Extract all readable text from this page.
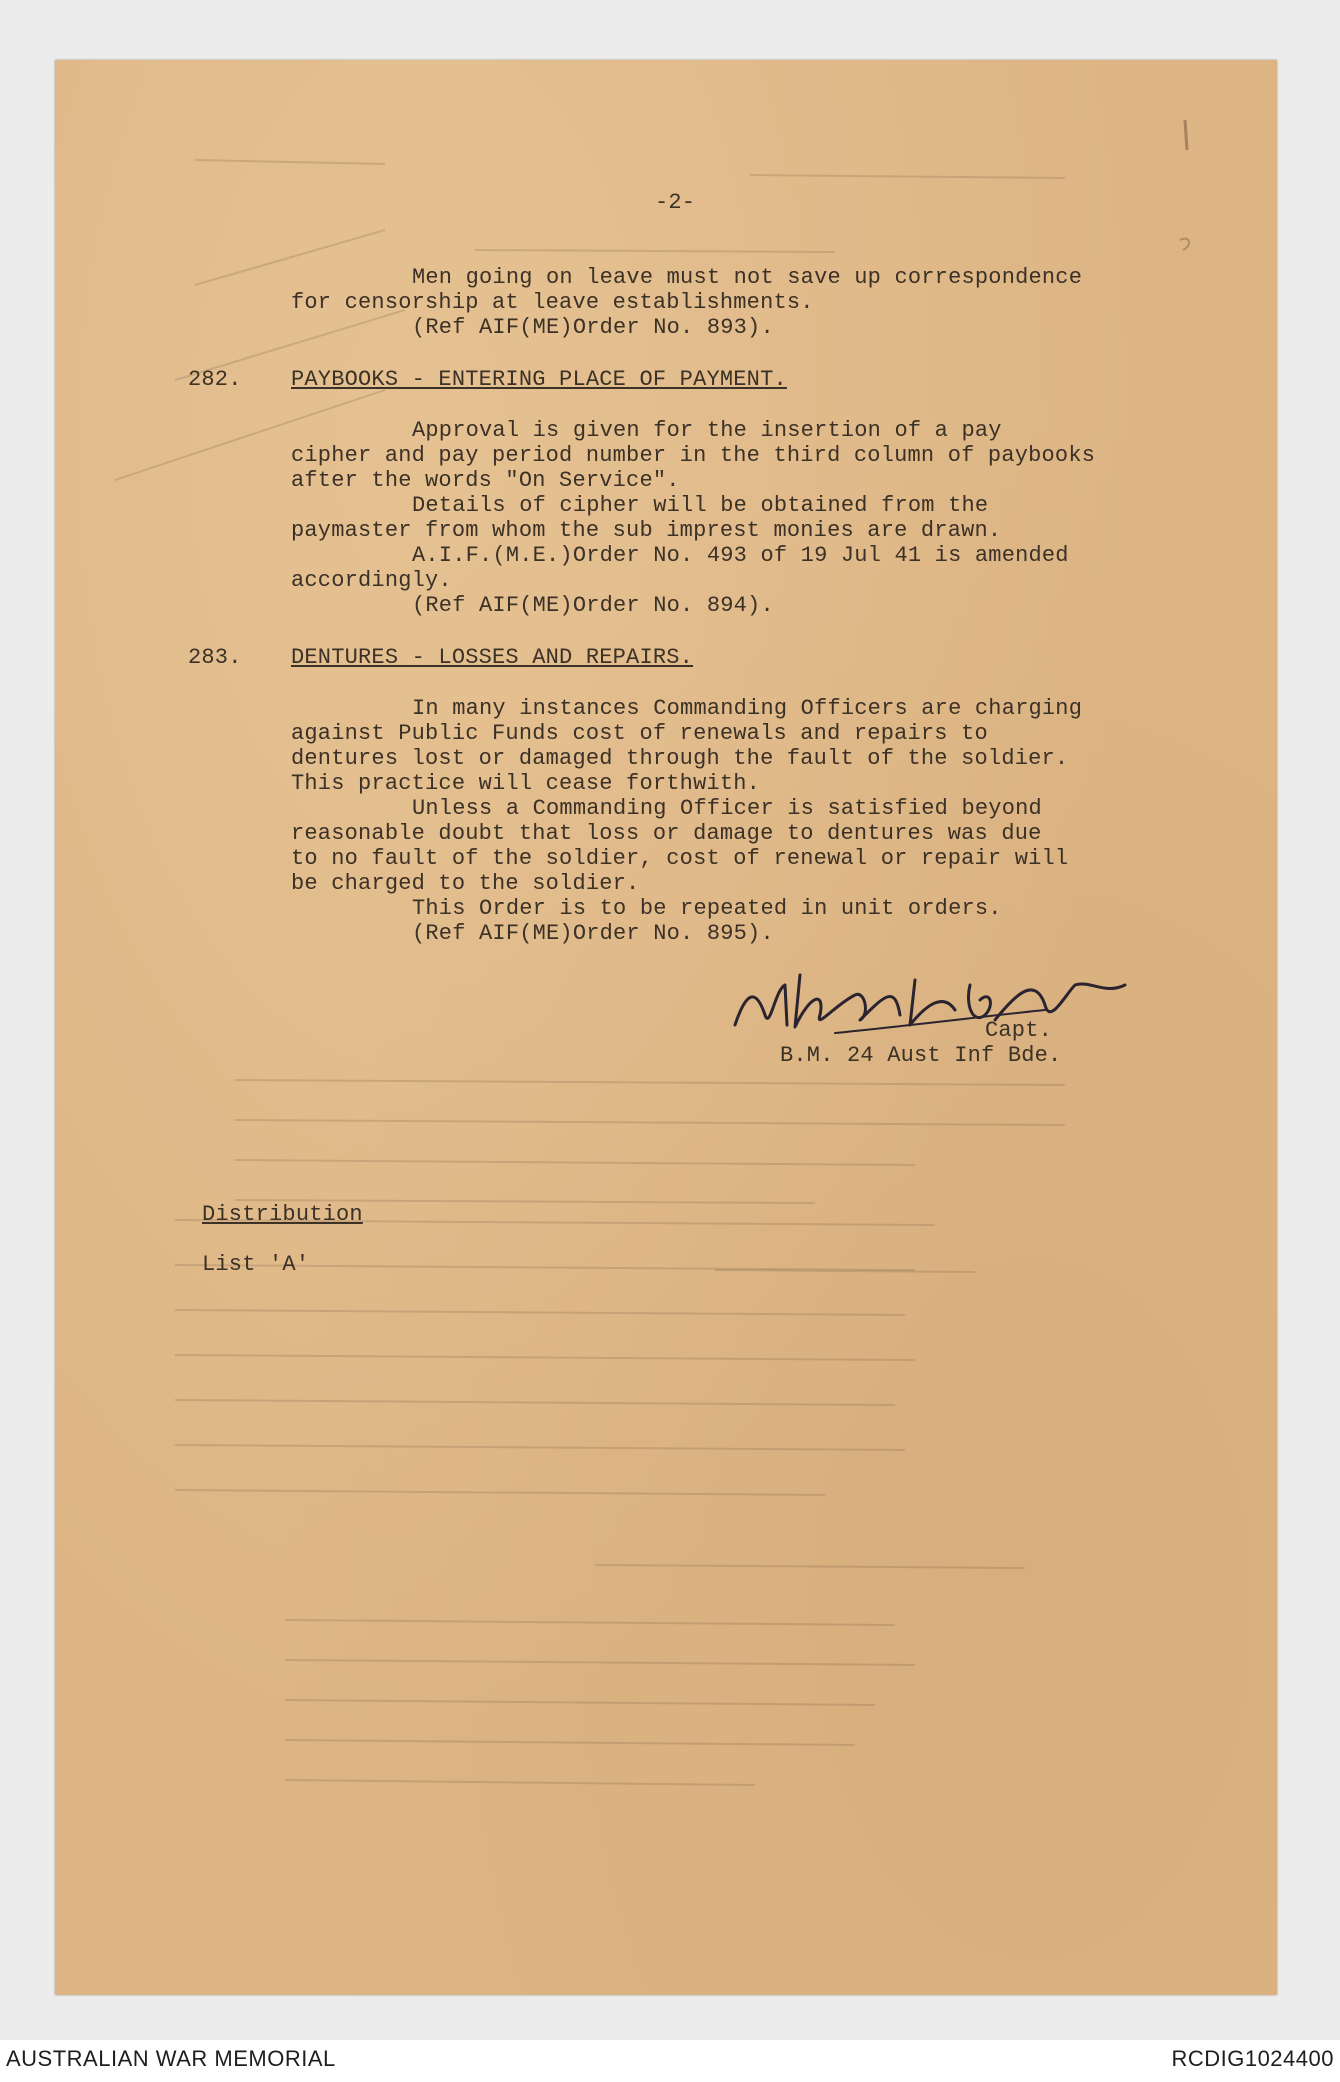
-2-
Men going on leave must not save up correspondence
for censorship at leave establishments.
(Ref AIF(ME)Order No. 893).
282. PAYBOOKS - ENTERING PLACE OF PAYMENT.
Approval is given for the insertion of a pay
cipher and pay period number in the third column of paybooks
after the words "On Service".
Details of cipher will be obtained from the
paymaster from whom the sub imprest monies are drawn.
A.I.F.(M.E.)Order No. 493 of 19 Jul 41 is amended
accordingly.
(Ref AIF(ME)Order No. 894).
283. DENTURES - LOSSES AND REPAIRS.
In many instances Commanding Officers are charging
against Public Funds cost of renewals and repairs to
dentures lost or damaged through the fault of the soldier.
This practice will cease forthwith.
Unless a Commanding Officer is satisfied beyond
reasonable doubt that loss or damage to dentures was due
to no fault of the soldier, cost of renewal or repair will
be charged to the soldier.
This Order is to be repeated in unit orders.
(Ref AIF(ME)Order No. 895).
Capt.
B.M. 24 Aust Inf Bde.
Distribution
List 'A'
AUSTRALIAN WAR MEMORIAL	RCDIG1024400
